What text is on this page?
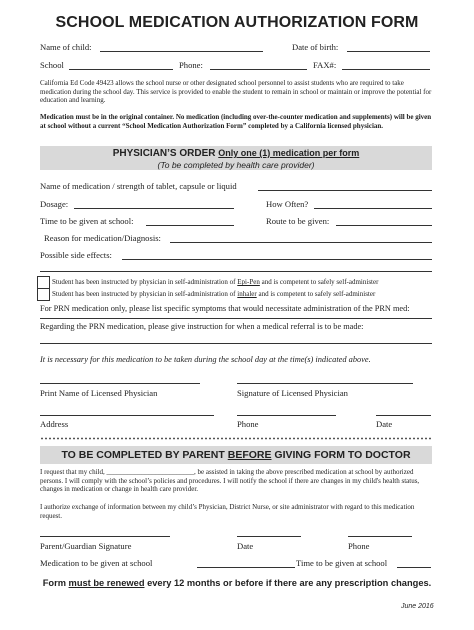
SCHOOL MEDICATION AUTHORIZATION FORM
Name of child:	Date of birth:
School	Phone:	FAX#:
California Ed Code 49423 allows the school nurse or other designated school personnel to assist students who are required to take medication during the school day. This service is provided to enable the student to remain in school or maintain or improve the potential for education and learning.
Medication must be in the original container. No medication (including over-the-counter medication and supplements) will be given at school without a current “School Medication Authorization Form” completed by a California licensed physician.
PHYSICIAN’S ORDER Only one (1) medication per form
(To be completed by health care provider)
Name of medication / strength of tablet, capsule or liquid
Dosage:	How Often?
Time to be given at school:	Route to be given:
Reason for medication/Diagnosis:
Possible side effects:
Student has been instructed by physician in self-administration of Epi-Pen and is competent to safely self-administer
Student has been instructed by physician in self-administration of inhaler and is competent to safely self-administer
For PRN medication only, please list specific symptoms that would necessitate administration of the PRN med:
Regarding the PRN medication, please give instruction for when a medical referral is to be made:
It is necessary for this medication to be taken during the school day at the time(s) indicated above.
Print Name of Licensed Physician	Signature of Licensed Physician
Address	Phone	Date
TO BE COMPLETED BY PARENT BEFORE GIVING FORM TO DOCTOR
I request that my child, _________________________, be assisted in taking the above prescribed medication at school by authorized persons. I will comply with the school’s policies and procedures. I will notify the school if there are changes in my child's health status, changes in medication or change in health care provider.
I authorize exchange of information between my child’s Physician, District Nurse, or site administrator with regard to this medication request.
Parent/Guardian Signature	Date	Phone
Medication to be given at school	Time to be given at school
Form must be renewed every 12 months or before if there are any prescription changes.
June 2016
